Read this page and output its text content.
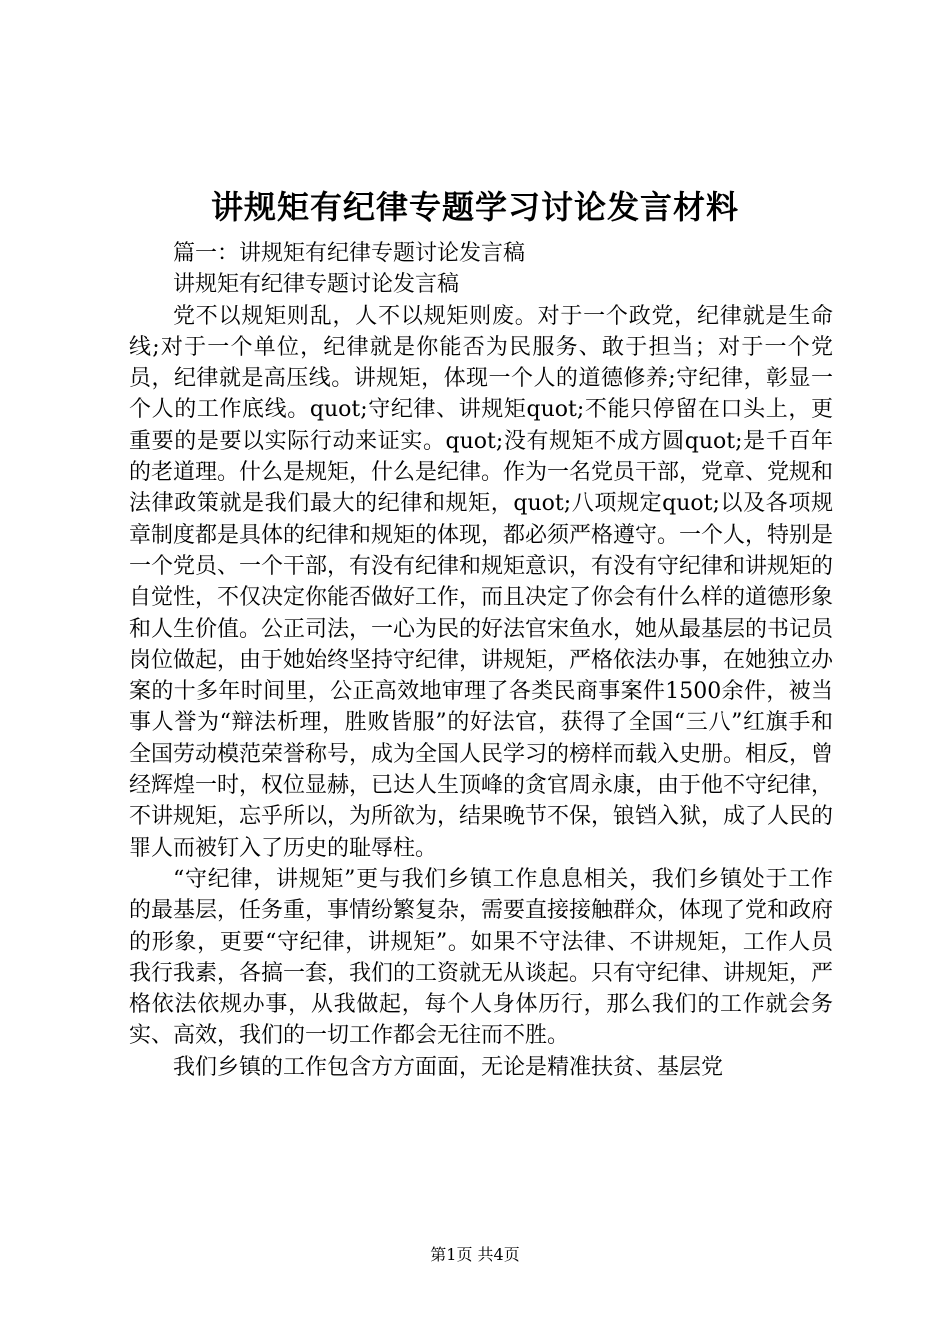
讲规矩有纪律专题学习讨论发言材料

篇一：讲规矩有纪律专题讨论发言稿

讲规矩有纪律专题讨论发言稿

党不以规矩则乱，人不以规矩则废。对于一个政党，纪律就是生命线;对于一个单位，纪律就是你能否为民服务、敢于担当；对于一个党员，纪律就是高压线。讲规矩，体现一个人的道德修养;守纪律，彰显一个人的工作底线。quot;守纪律、讲规矩quot;不能只停留在口头上，更重要的是要以实际行动来证实。quot;没有规矩不成方圆quot;是千百年的老道理。什么是规矩，什么是纪律。作为一名党员干部，党章、党规和法律政策就是我们最大的纪律和规矩，quot;八项规定quot;以及各项规章制度都是具体的纪律和规矩的体现，都必须严格遵守。一个人，特别是一个党员、一个干部，有没有纪律和规矩意识，有没有守纪律和讲规矩的自觉性，不仅决定你能否做好工作，而且决定了你会有什么样的道德形象和人生价值。公正司法，一心为民的好法官宋鱼水，她从最基层的书记员岗位做起，由于她始终坚持守纪律，讲规矩，严格依法办事，在她独立办案的十多年时间里，公正高效地审理了各类民商事案件1500余件，被当事人誉为“辩法析理，胜败皆服”的好法官，获得了全国“三八”红旗手和全国劳动模范荣誉称号，成为全国人民学习的榜样而载入史册。相反，曾经辉煌一时，权位显赫，已达人生顶峰的贪官周永康，由于他不守纪律，不讲规矩，忘乎所以，为所欲为，结果晚节不保，锒铛入狱，成了人民的罪人而被钉入了历史的耻辱柱。

“守纪律，讲规矩”更与我们乡镇工作息息相关，我们乡镇处于工作的最基层，任务重，事情纷繁复杂，需要直接接触群众，体现了党和政府的形象，更要“守纪律，讲规矩”。如果不守法律、不讲规矩，工作人员我行我素，各搞一套，我们的工资就无从谈起。只有守纪律、讲规矩，严格依法依规办事，从我做起，每个人身体历行，那么我们的工作就会务实、高效，我们的一切工作都会无往而不胜。

我们乡镇的工作包含方方面面，无论是精准扶贫、基层党

第1页 共4页
